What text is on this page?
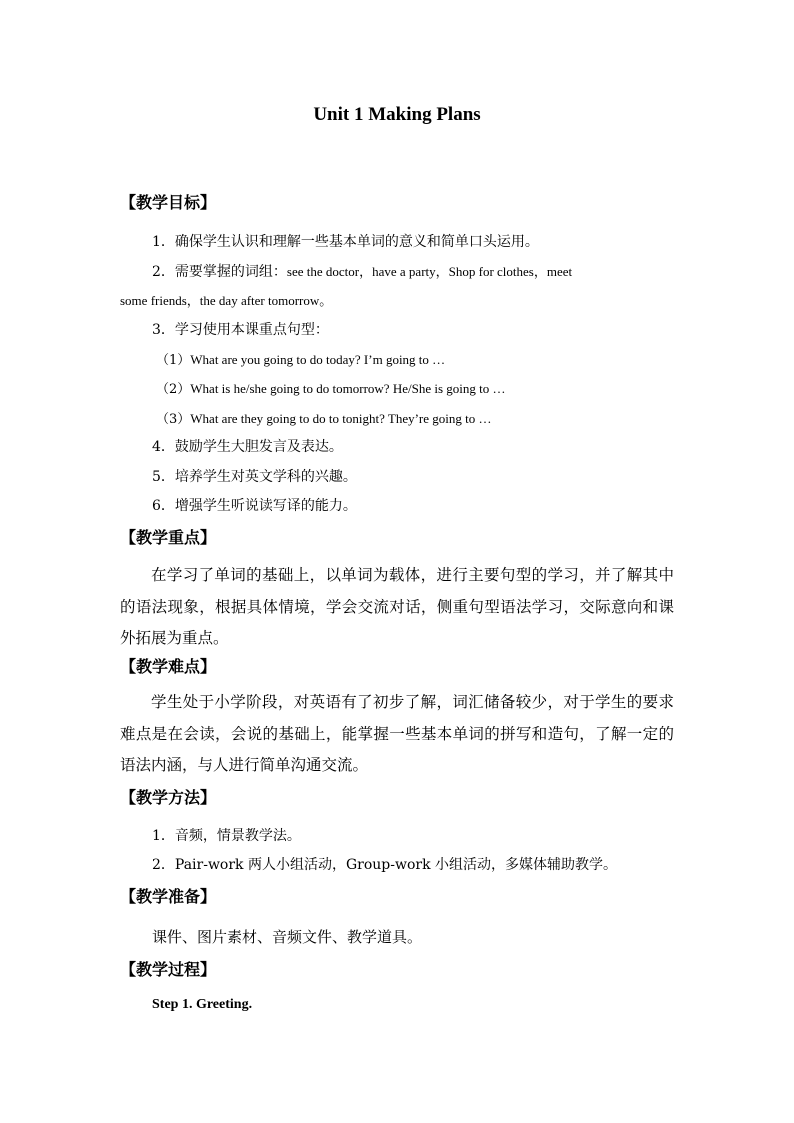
Unit 1 Making Plans
【教学目标】
1．确保学生认识和理解一些基本单词的意义和简单口头运用。
2．需要掌握的词组：see the doctor，have a party，Shop for clothes，meet
some friends，the day after tomorrow。
3．学习使用本课重点句型：
（1）What are you going to do today? I’m going to …
（2）What is he/she going to do tomorrow? He/She is going to …
（3）What are they going to do to tonight? They’re going to …
4．鼓励学生大胆发言及表达。
5．培养学生对英文学科的兴趣。
6．增强学生听说读写译的能力。
【教学重点】
在学习了单词的基础上，以单词为载体，进行主要句型的学习，并了解其中的语法现象，根据具体情境，学会交流对话，侧重句型语法学习，交际意向和课外拓展为重点。
【教学难点】
学生处于小学阶段，对英语有了初步了解，词汇储备较少，对于学生的要求难点是在会读，会说的基础上，能掌握一些基本单词的拼写和造句，了解一定的语法内涵，与人进行简单沟通交流。
【教学方法】
1．音频，情景教学法。
2．Pair-work 两人小组活动，Group-work 小组活动，多媒体辅助教学。
【教学准备】
课件、图片素材、音频文件、教学道具。
【教学过程】
Step 1. Greeting.
